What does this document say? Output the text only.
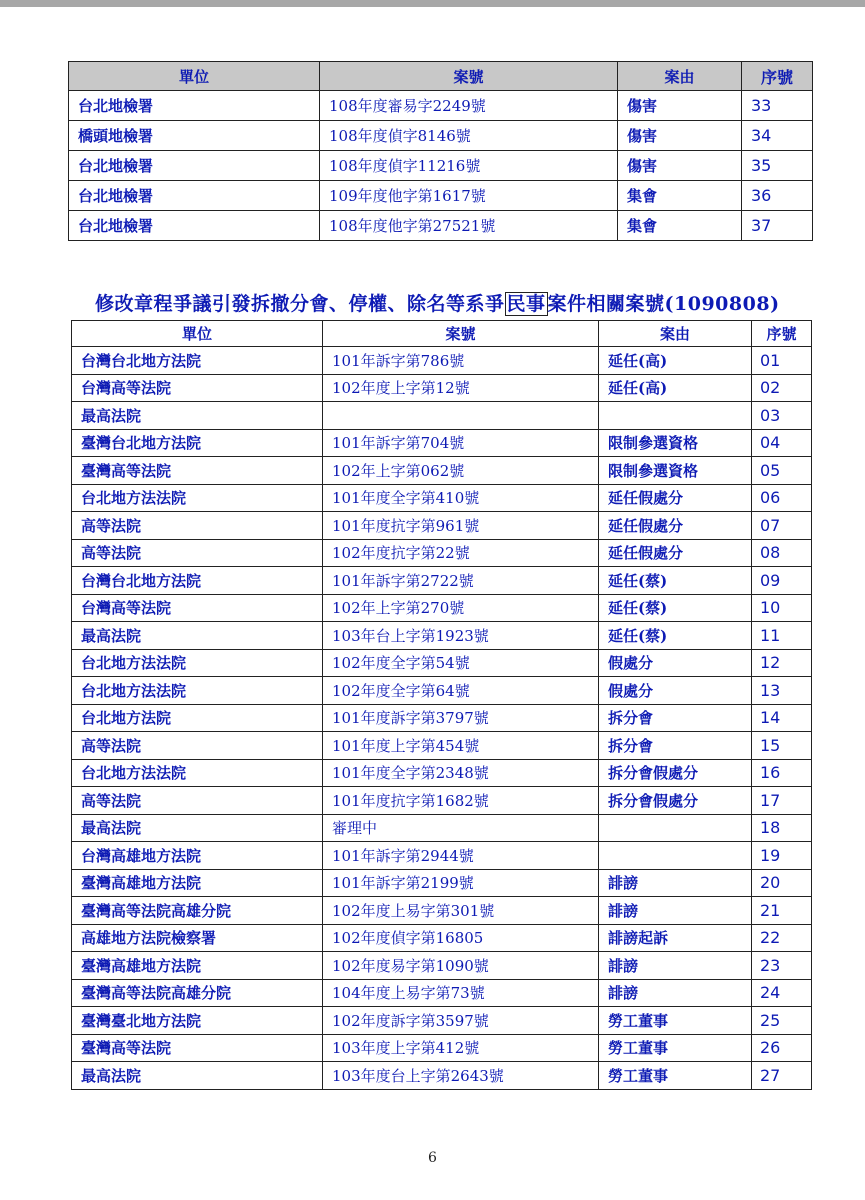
單位	案號	案由	序號
台北地檢署	108年度審易字2249號	傷害	33
橋頭地檢署	108年度偵字8146號	傷害	34
台北地檢署	108年度偵字11216號	傷害	35
台北地檢署	109年度他字第1617號	集會	36
台北地檢署	108年度他字第27521號	集會	37
修改章程爭議引發拆撤分會、停權、除名等系爭 民事 案件相關案號(1090808)
單位	案號	案由	序號
台灣台北地方法院	101年訴字第786號	延任(高)	01
台灣高等法院	102年度上字第12號	延任(高)	02
最高法院			03
臺灣台北地方法院	101年訴字第704號	限制參選資格	04
臺灣高等法院	102年上字第062號	限制參選資格	05
台北地方法法院	101年度全字第410號	延任假處分	06
高等法院	101年度抗字第961號	延任假處分	07
高等法院	102年度抗字第22號	延任假處分	08
台灣台北地方法院	101年訴字第2722號	延任(蔡)	09
台灣高等法院	102年上字第270號	延任(蔡)	10
最高法院	103年台上字第1923號	延任(蔡)	11
台北地方法法院	102年度全字第54號	假處分	12
台北地方法法院	102年度全字第64號	假處分	13
台北地方法院	101年度訴字第3797號	拆分會	14
高等法院	101年度上字第454號	拆分會	15
台北地方法法院	101年度全字第2348號	拆分會假處分	16
高等法院	101年度抗字第1682號	拆分會假處分	17
最高法院	審理中		18
台灣高雄地方法院	101年訴字第2944號		19
臺灣高雄地方法院	101年訴字第2199號	誹謗	20
臺灣高等法院高雄分院	102年度上易字第301號	誹謗	21
高雄地方法院檢察署	102年度偵字第16805	誹謗起訴	22
臺灣高雄地方法院	102年度易字第1090號	誹謗	23
臺灣高等法院高雄分院	104年度上易字第73號	誹謗	24
臺灣臺北地方法院	102年度訴字第3597號	勞工董事	25
臺灣高等法院	103年度上字第412號	勞工董事	26
最高法院	103年度台上字第2643號	勞工董事	27
6
